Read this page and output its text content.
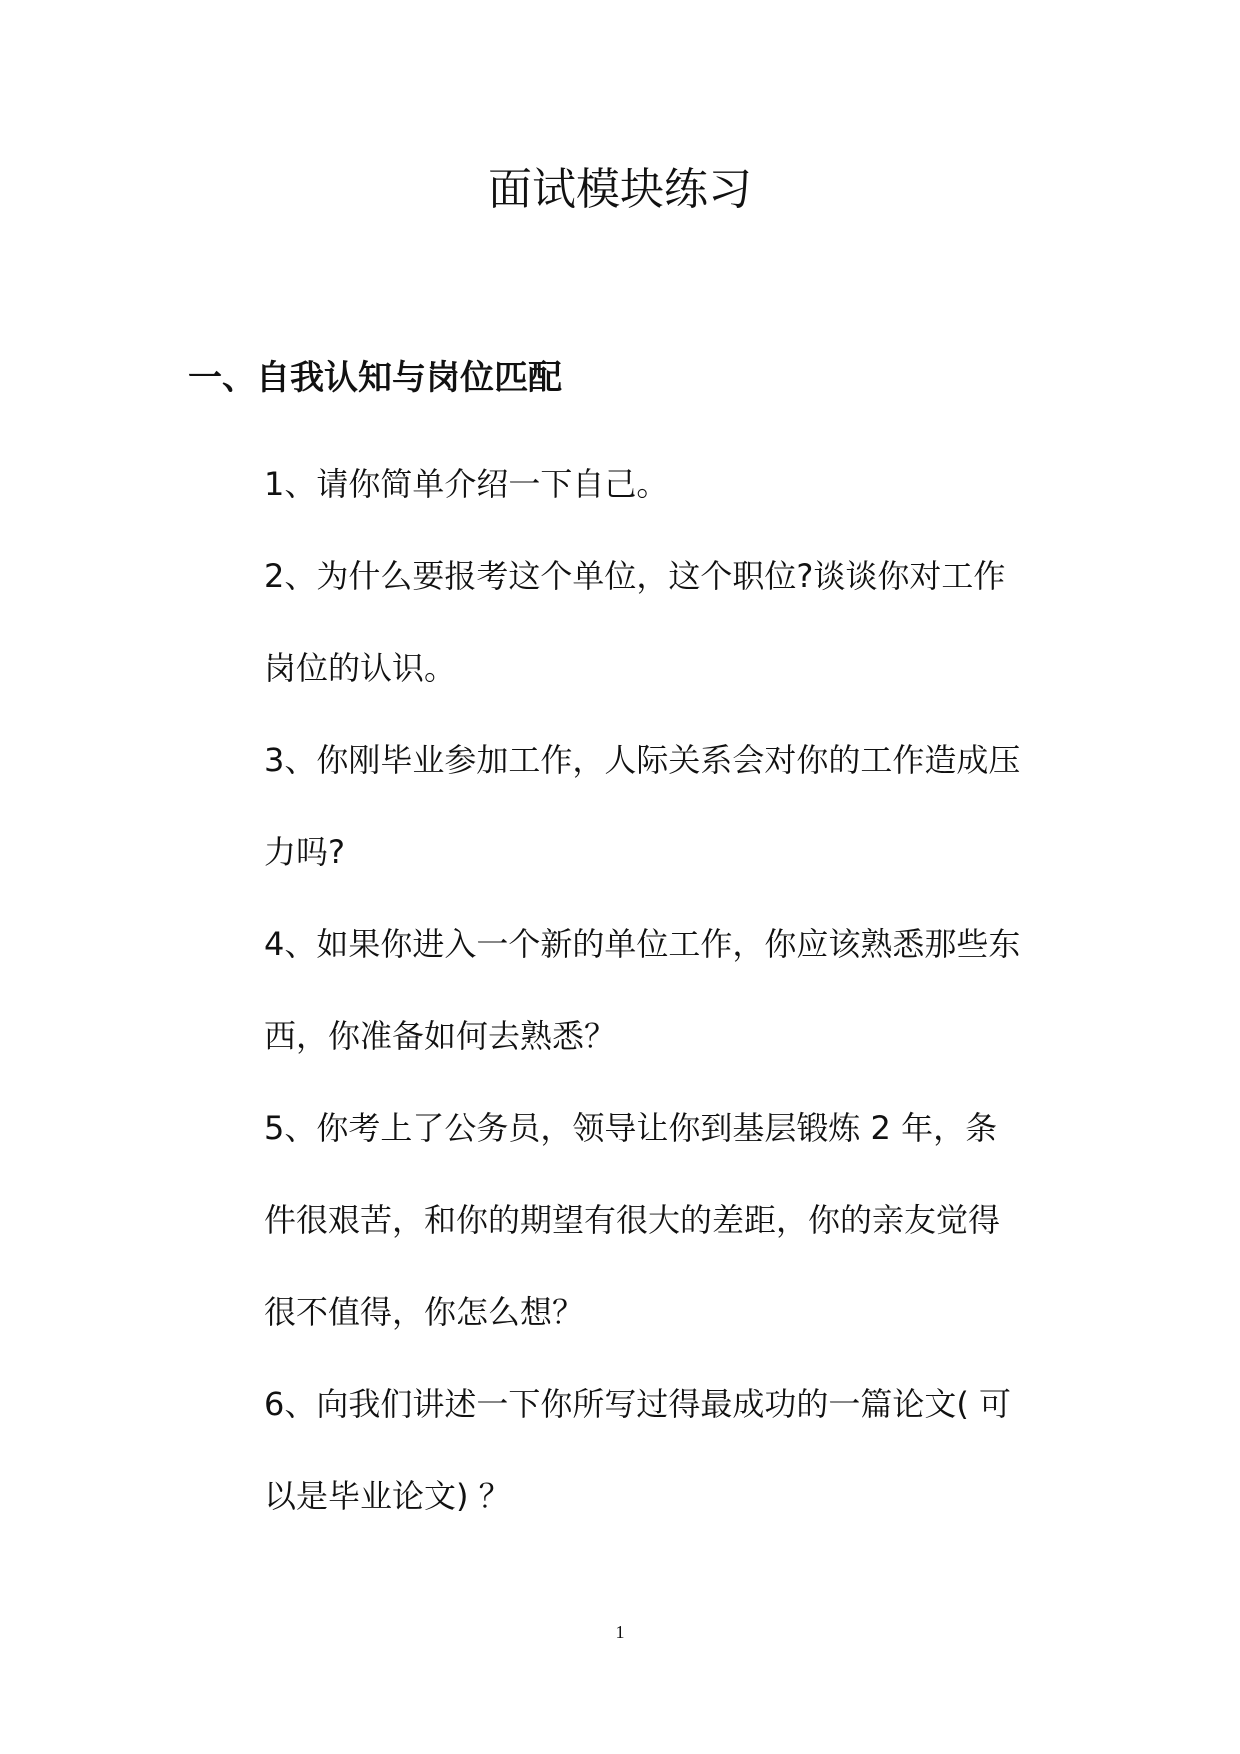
面试模块练习
一、自我认知与岗位匹配
1、请你简单介绍一下自己。
2、为什么要报考这个单位，这个职位?谈谈你对工作
岗位的认识。
3、你刚毕业参加工作，人际关系会对你的工作造成压
力吗?
4、如果你进入一个新的单位工作，你应该熟悉那些东
西，你准备如何去熟悉？
5、你考上了公务员，领导让你到基层锻炼 2 年，条
件很艰苦，和你的期望有很大的差距，你的亲友觉得
很不值得，你怎么想？
6、向我们讲述一下你所写过得最成功的一篇论文( 可
以是毕业论文) ？
1
